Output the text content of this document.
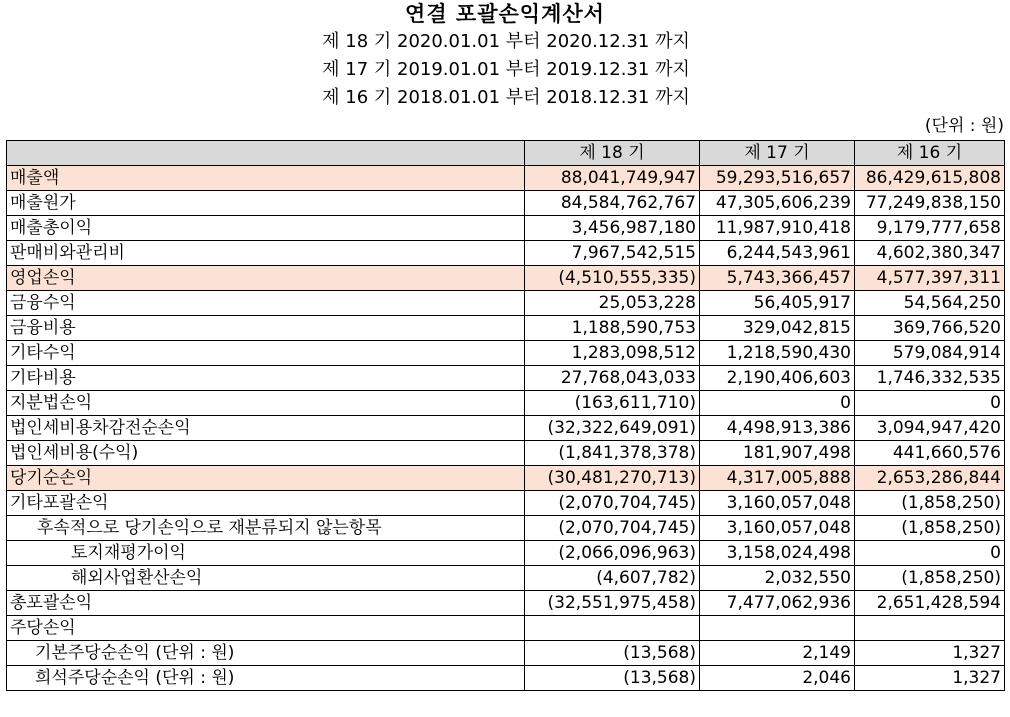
연결 포괄손익계산서
제 18 기 2020.01.01 부터 2020.12.31 까지
제 17 기 2019.01.01 부터 2019.12.31 까지
제 16 기 2018.01.01 부터 2018.12.31 까지
(단위 : 원)
	제 18 기	제 17 기	제 16 기
매출액	88,041,749,947	59,293,516,657	86,429,615,808
매출원가	84,584,762,767	47,305,606,239	77,249,838,150
매출총이익	3,456,987,180	11,987,910,418	9,179,777,658
판매비와관리비	7,967,542,515	6,244,543,961	4,602,380,347
영업손익	(4,510,555,335)	5,743,366,457	4,577,397,311
금융수익	25,053,228	56,405,917	54,564,250
금융비용	1,188,590,753	329,042,815	369,766,520
기타수익	1,283,098,512	1,218,590,430	579,084,914
기타비용	27,768,043,033	2,190,406,603	1,746,332,535
지분법손익	(163,611,710)	0	0
법인세비용차감전순손익	(32,322,649,091)	4,498,913,386	3,094,947,420
법인세비용(수익)	(1,841,378,378)	181,907,498	441,660,576
당기순손익	(30,481,270,713)	4,317,005,888	2,653,286,844
기타포괄손익	(2,070,704,745)	3,160,057,048	(1,858,250)
후속적으로 당기손익으로 재분류되지 않는항목	(2,070,704,745)	3,160,057,048	(1,858,250)
토지재평가이익	(2,066,096,963)	3,158,024,498	0
해외사업환산손익	(4,607,782)	2,032,550	(1,858,250)
총포괄손익	(32,551,975,458)	7,477,062,936	2,651,428,594
주당손익			
기본주당순손익 (단위 : 원)	(13,568)	2,149	1,327
희석주당순손익 (단위 : 원)	(13,568)	2,046	1,327
